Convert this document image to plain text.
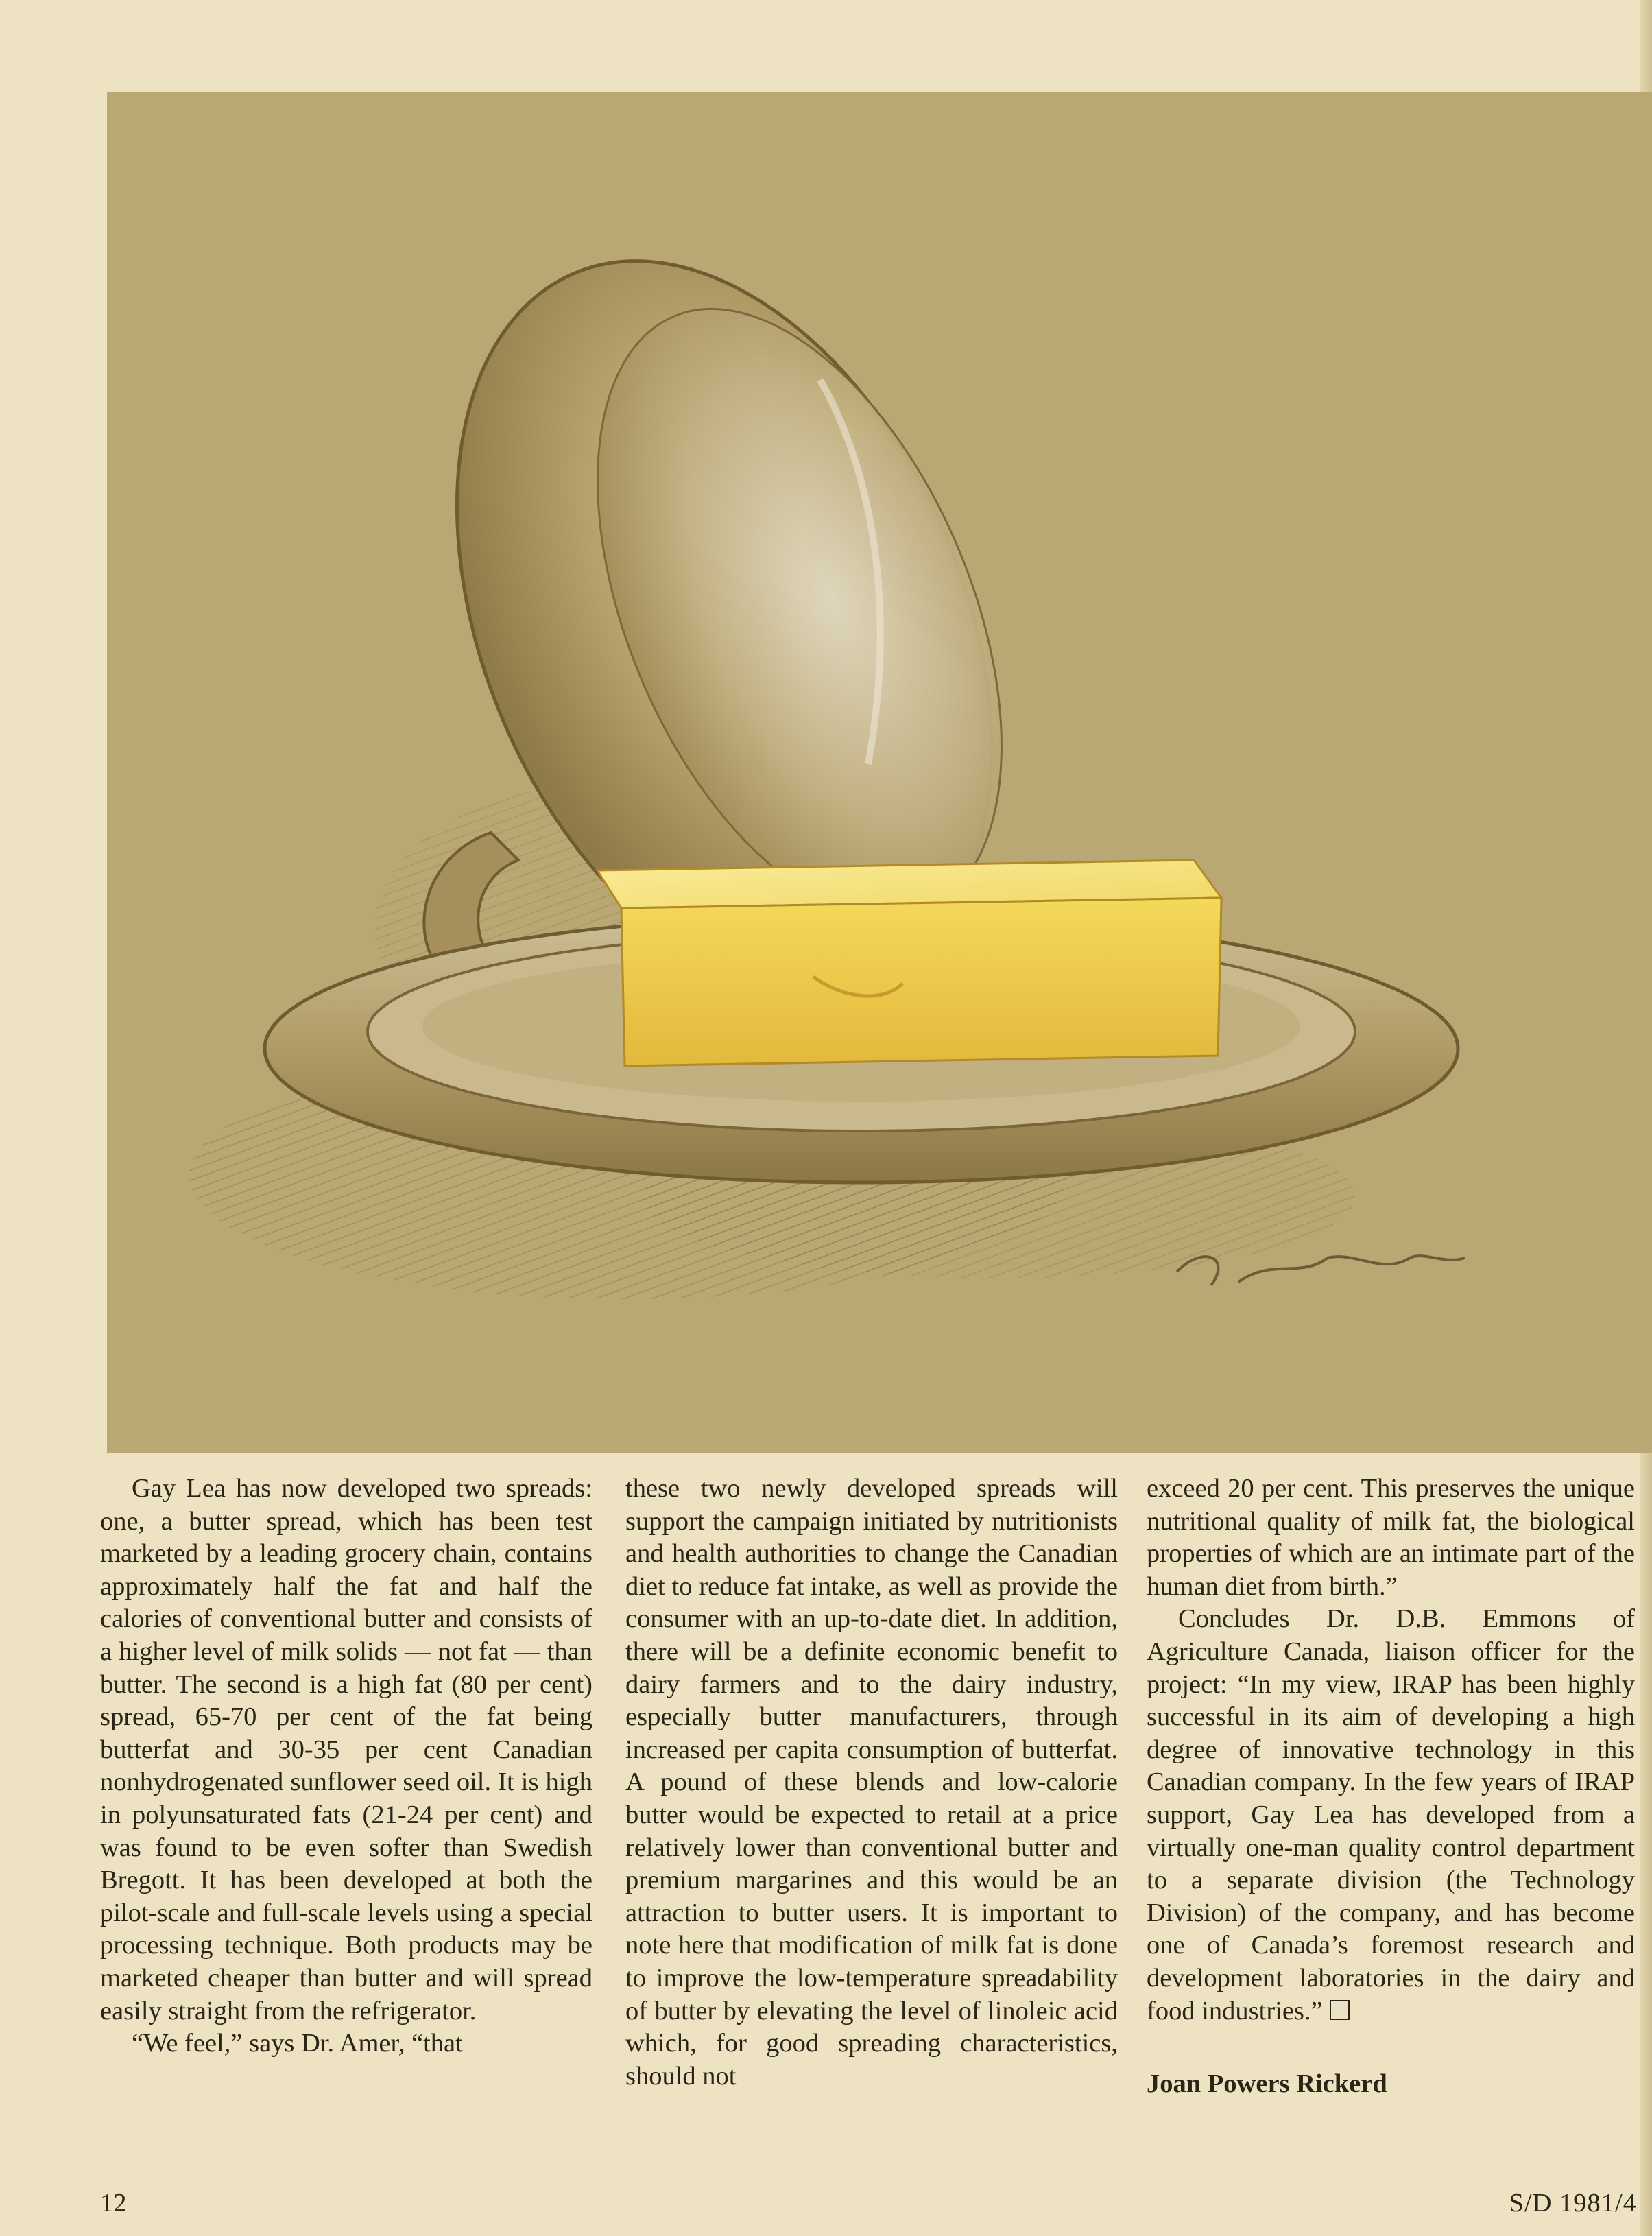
Gay Lea has now developed two spreads: one, a butter spread, which has been test marketed by a leading grocery chain, contains approximately half the fat and half the calories of conventional butter and consists of a higher level of milk solids — not fat — than butter. The second is a high fat (80 per cent) spread, 65-70 per cent of the fat being butterfat and 30-35 per cent Canadian nonhydrogenated sunflower seed oil. It is high in polyunsaturated fats (21-24 per cent) and was found to be even softer than Swedish Bregott. It has been developed at both the pilot-scale and full-scale levels using a special processing technique. Both products may be marketed cheaper than butter and will spread easily straight from the refrigerator.

“We feel,” says Dr. Amer, “that

these two newly developed spreads will support the campaign initiated by nutritionists and health authorities to change the Canadian diet to reduce fat intake, as well as provide the consumer with an up-to-date diet. In addition, there will be a definite economic benefit to dairy farmers and to the dairy industry, especially butter manufacturers, through increased per capita consumption of butterfat. A pound of these blends and low-calorie butter would be expected to retail at a price relatively lower than conventional butter and premium margarines and this would be an attraction to butter users. It is important to note here that modification of milk fat is done to improve the low-temperature spreadability of butter by elevating the level of linoleic acid which, for good spreading characteristics, should not

exceed 20 per cent. This preserves the unique nutritional quality of milk fat, the biological properties of which are an intimate part of the human diet from birth.”

Concludes Dr. D.B. Emmons of Agriculture Canada, liaison officer for the project: “In my view, IRAP has been highly successful in its aim of developing a high degree of innovative technology in this Canadian company. In the few years of IRAP support, Gay Lea has developed from a virtually one-man quality control department to a separate division (the Technology Division) of the company, and has become one of Canada’s foremost research and development laboratories in the dairy and food industries.”

Joan Powers Rickerd

12	S/D 1981/4
